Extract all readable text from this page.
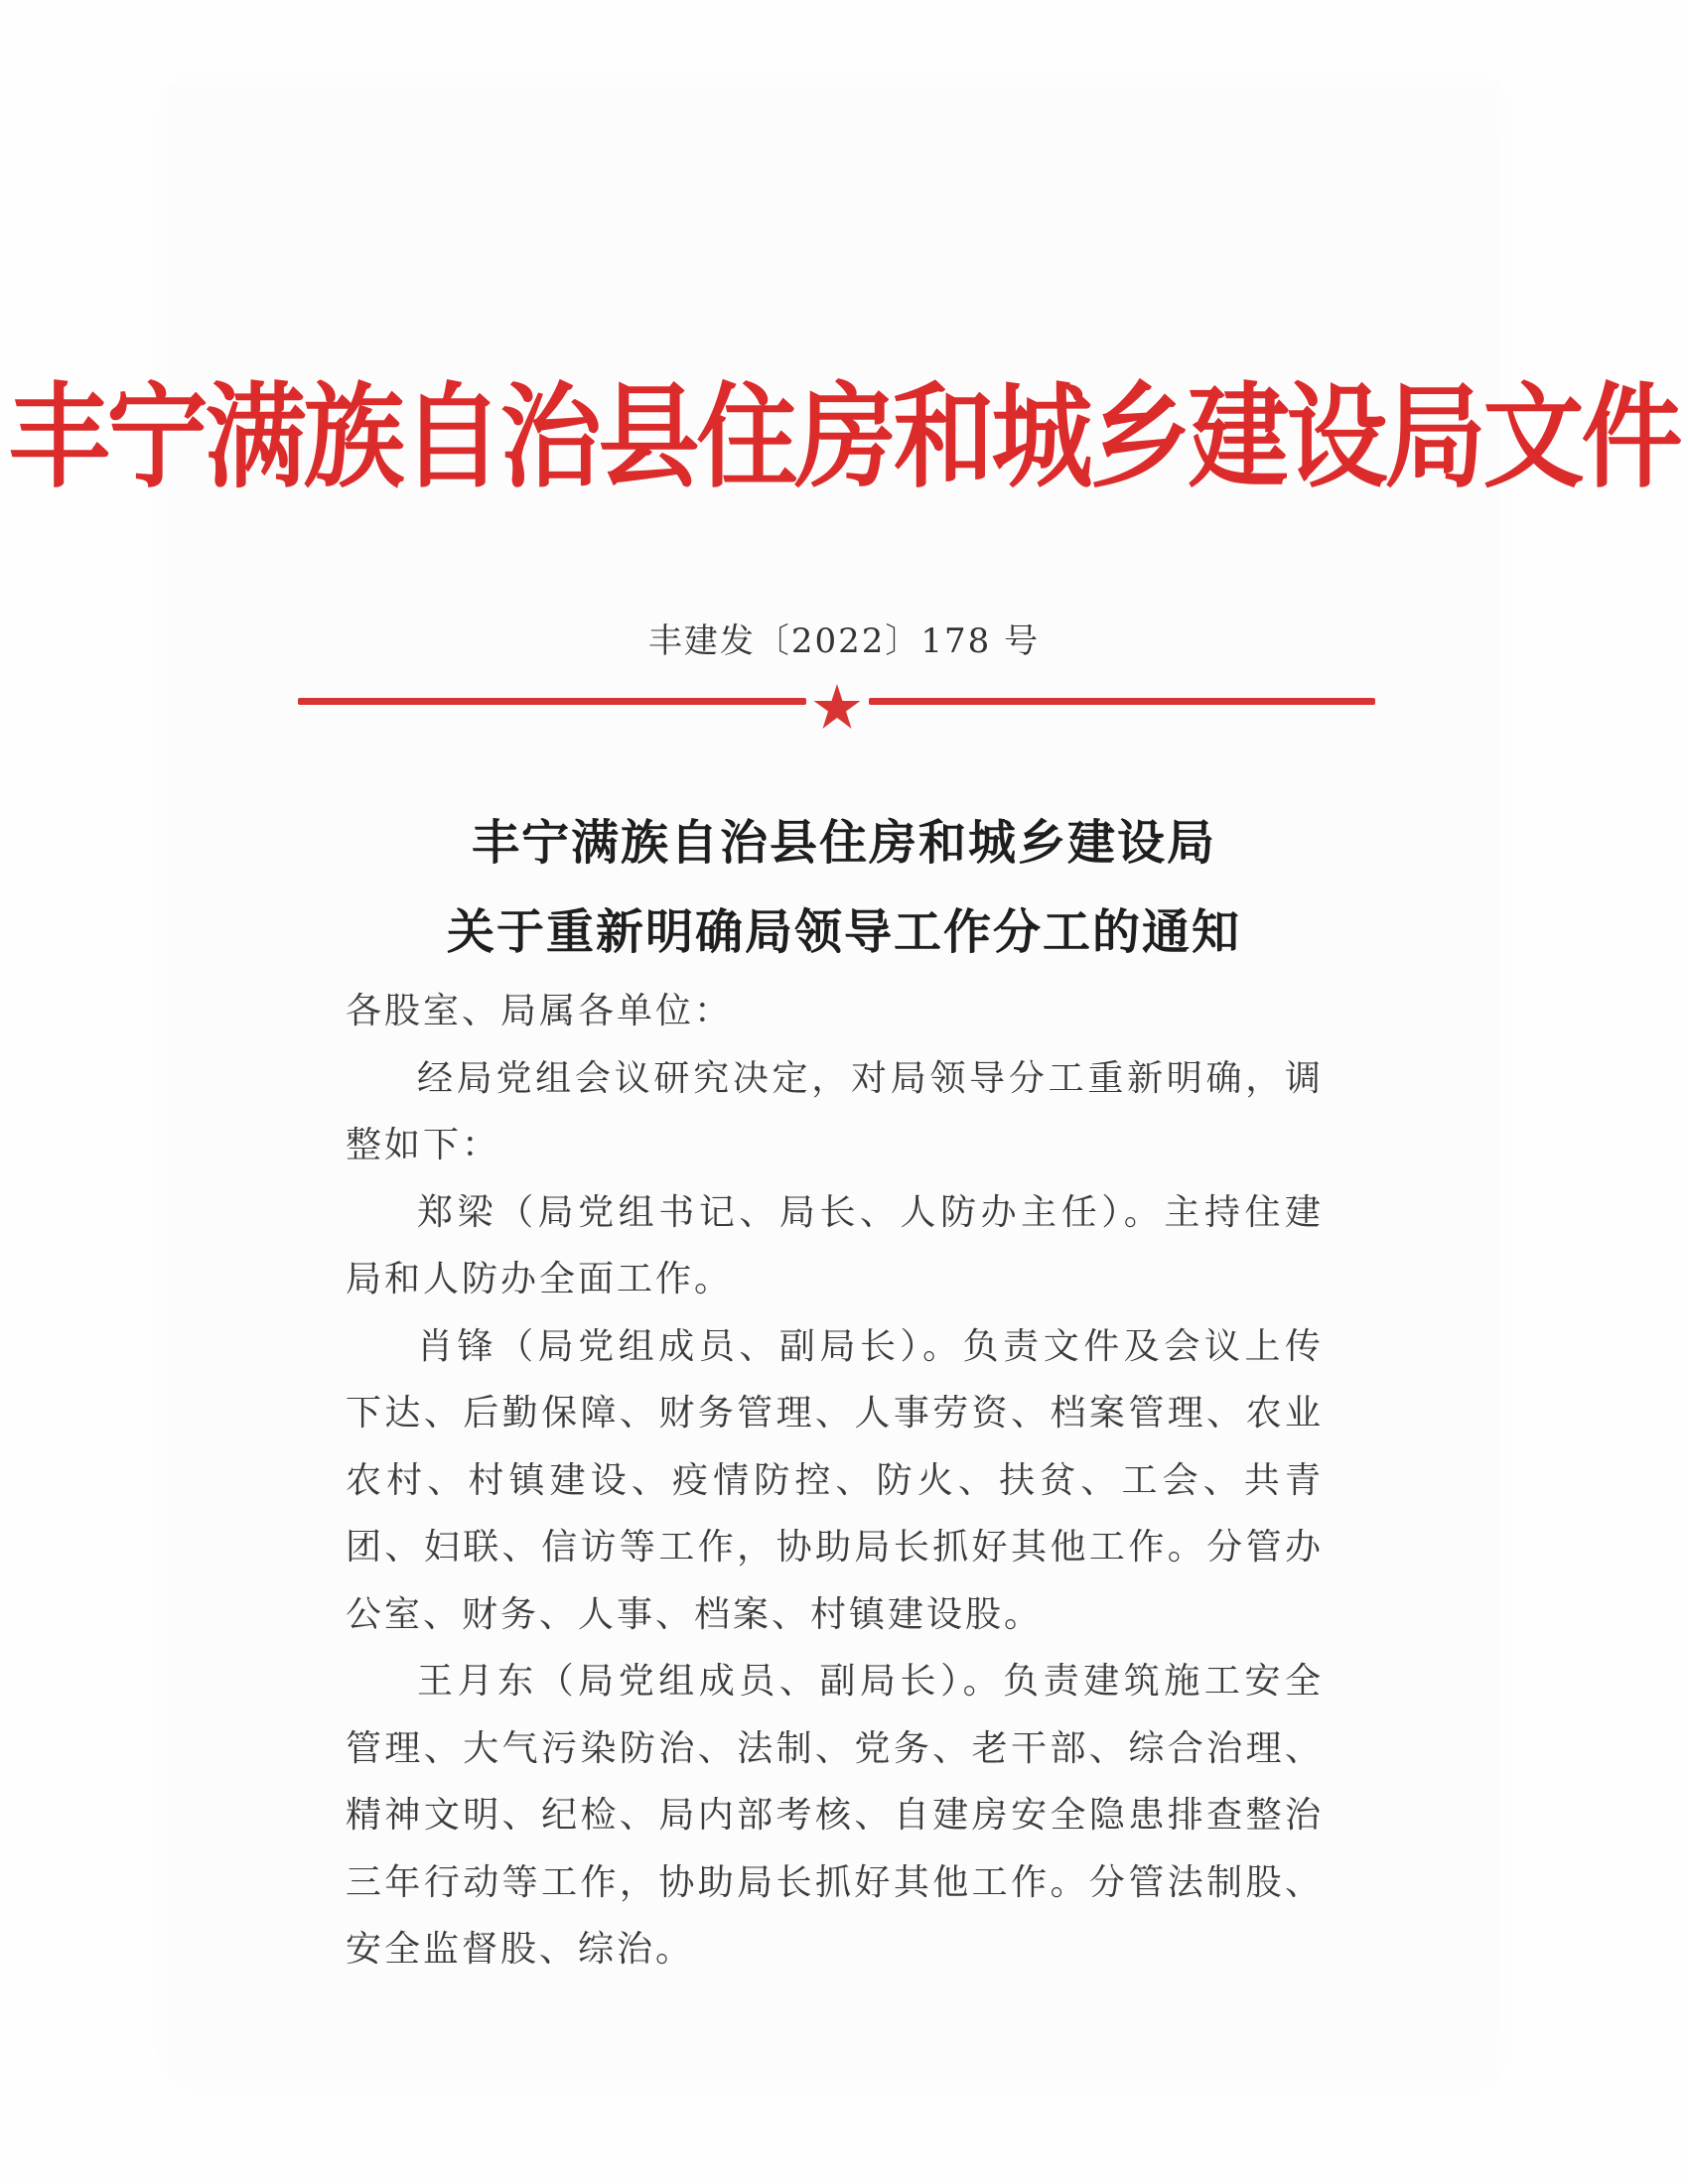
丰宁满族自治县住房和城乡建设局文件
丰建发〔2022〕178 号
丰宁满族自治县住房和城乡建设局
关于重新明确局领导工作分工的通知

各股室、局属各单位：

经局党组会议研究决定，对局领导分工重新明确，调整如下：

郑梁（局党组书记、局长、人防办主任）。主持住建局和人防办全面工作。

肖锋（局党组成员、副局长）。负责文件及会议上传下达、后勤保障、财务管理、人事劳资、档案管理、农业农村、村镇建设、疫情防控、防火、扶贫、工会、共青团、妇联、信访等工作，协助局长抓好其他工作。分管办公室、财务、人事、档案、村镇建设股。

王月东（局党组成员、副局长）。负责建筑施工安全管理、大气污染防治、法制、党务、老干部、综合治理、精神文明、纪检、局内部考核、自建房安全隐患排查整治三年行动等工作，协助局长抓好其他工作。分管法制股、安全监督股、综治。
